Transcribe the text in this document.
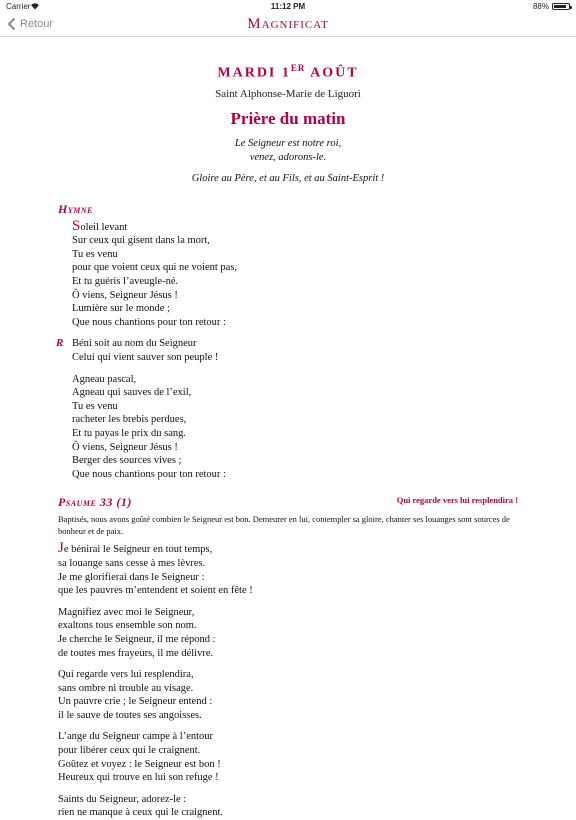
Carrier	11:12 PM	88%
Retour	MAGNIFICAT
MARDI 1ER AOÛT
Saint Alphonse-Marie de Liguori
Prière du matin
Le Seigneur est notre roi,
venez, adorons-le.
Gloire au Père, et au Fils, et au Saint-Esprit !
Hymne
Soleil levant
Sur ceux qui gisent dans la mort,
Tu es venu
pour que voient ceux qui ne voient pas,
Et tu guéris l’aveugle-né.
Ô viens, Seigneur Jésus !
Lumière sur le monde ;
Que nous chantions pour ton retour :
R Béni soit au nom du Seigneur
Celui qui vient sauver son peuple !
Agneau pascal,
Agneau qui sauves de l’exil,
Tu es venu
racheter les brebis perdues,
Et tu payas le prix du sang.
Ô viens, Seigneur Jésus !
Berger des sources vives ;
Que nous chantions pour ton retour :
Psaume 33 (1)	Qui regarde vers lui resplendira !
Baptisés, nous avons goûté combien le Seigneur est bon. Demeurer en lui, contempler sa gloire, chanter ses louanges sont sources de bonheur et de paix.
Je bénirai le Seigneur en tout temps,
sa louange sans cesse à mes lèvres.
Je me glorifierai dans le Seigneur :
que les pauvres m’entendent et soient en fête !
Magnifiez avec moi le Seigneur,
exaltons tous ensemble son nom.
Je cherche le Seigneur, il me répond :
de toutes mes frayeurs, il me délivre.
Qui regarde vers lui resplendira,
sans ombre ni trouble au visage.
Un pauvre crie ; le Seigneur entend :
il le sauve de toutes ses angoisses.
L’ange du Seigneur campe à l’entour
pour libérer ceux qui le craignent.
Goûtez et voyez : le Seigneur est bon !
Heureux qui trouve en lui son refuge !
Saints du Seigneur, adorez-le :
rien ne manque à ceux qui le craignent.
